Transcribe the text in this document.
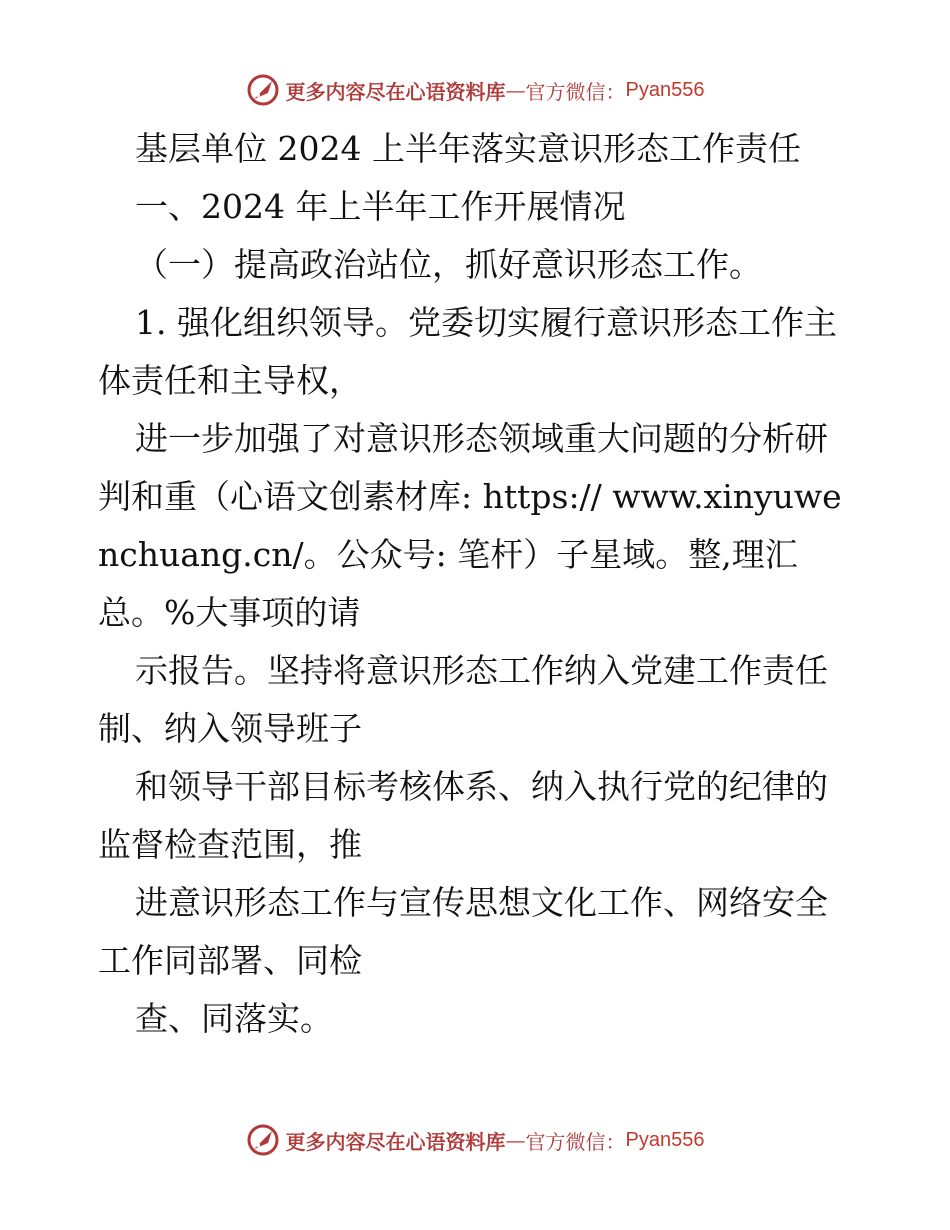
更多内容尽在心语资料库 — 官方微信： Pyan556

基层单位 2024 上半年落实意识形态工作责任

一、2024 年上半年工作开展情况

（一）提高政治站位，抓好意识形态工作。

1. 强化组织领导。党委切实履行意识形态工作主体责任和主导权，

进一步加强了对意识形态领域重大问题的分析研判和重（心语文创素材库: https:// www.xinyuwenchuang.cn/。公众号: 笔杆）子星域。整,理汇总。%大事项的请

示报告。坚持将意识形态工作纳入党建工作责任制、纳入领导班子

和领导干部目标考核体系、纳入执行党的纪律的监督检查范围，推

进意识形态工作与宣传思想文化工作、网络安全工作同部署、同检

查、同落实。

更多内容尽在心语资料库 — 官方微信： Pyan556
